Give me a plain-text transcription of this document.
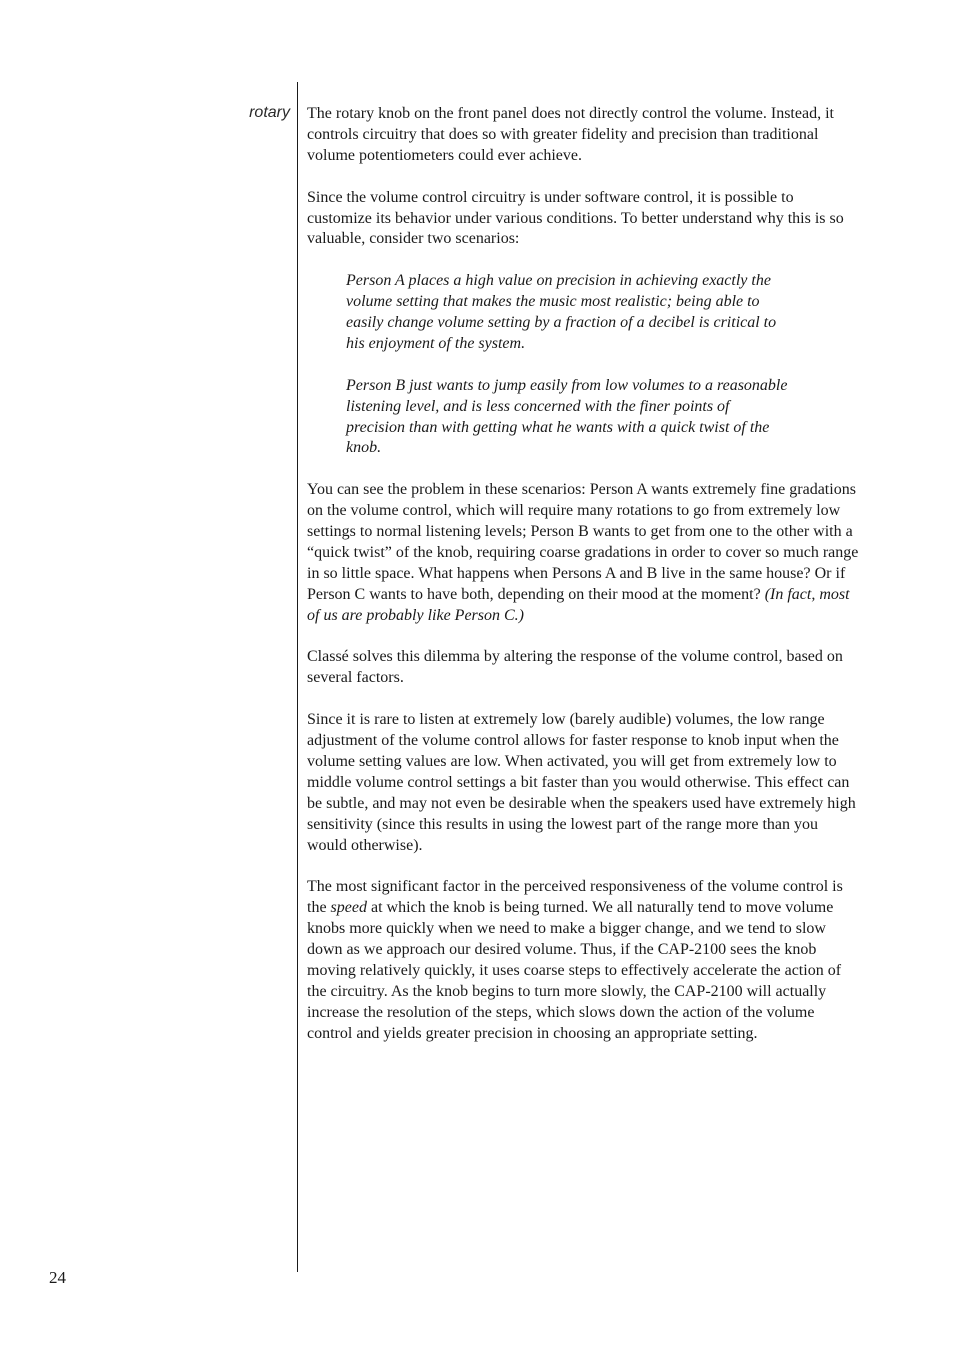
rotary The rotary knob on the front panel does not directly control the volume. Instead, it controls circuitry that does so with greater fidelity and precision than traditional volume potentiometers could ever achieve.

Since the volume control circuitry is under software control, it is possible to customize its behavior under various conditions. To better understand why this is so valuable, consider two scenarios:

Person A places a high value on precision in achieving exactly the volume setting that makes the music most realistic; being able to easily change volume setting by a fraction of a decibel is critical to his enjoyment of the system.

Person B just wants to jump easily from low volumes to a reasonable listening level, and is less concerned with the finer points of precision than with getting what he wants with a quick twist of the knob.

You can see the problem in these scenarios: Person A wants extremely fine gradations on the volume control, which will require many rotations to go from extremely low settings to normal listening levels; Person B wants to get from one to the other with a “quick twist” of the knob, requiring coarse gradations in order to cover so much range in so little space. What happens when Persons A and B live in the same house? Or if Person C wants to have both, depending on their mood at the moment? (In fact, most of us are probably like Person C.)

Classé solves this dilemma by altering the response of the volume control, based on several factors.

Since it is rare to listen at extremely low (barely audible) volumes, the low range adjustment of the volume control allows for faster response to knob input when the volume setting values are low. When activated, you will get from extremely low to middle volume control settings a bit faster than you would otherwise. This effect can be subtle, and may not even be desirable when the speakers used have extremely high sensitivity (since this results in using the lowest part of the range more than you would otherwise).

The most significant factor in the perceived responsiveness of the volume control is the speed at which the knob is being turned. We all naturally tend to move volume knobs more quickly when we need to make a bigger change, and we tend to slow down as we approach our desired volume. Thus, if the CAP-2100 sees the knob moving relatively quickly, it uses coarse steps to effectively accelerate the action of the circuitry. As the knob begins to turn more slowly, the CAP-2100 will actually increase the resolution of the steps, which slows down the action of the volume control and yields greater precision in choosing an appropriate setting.

24
